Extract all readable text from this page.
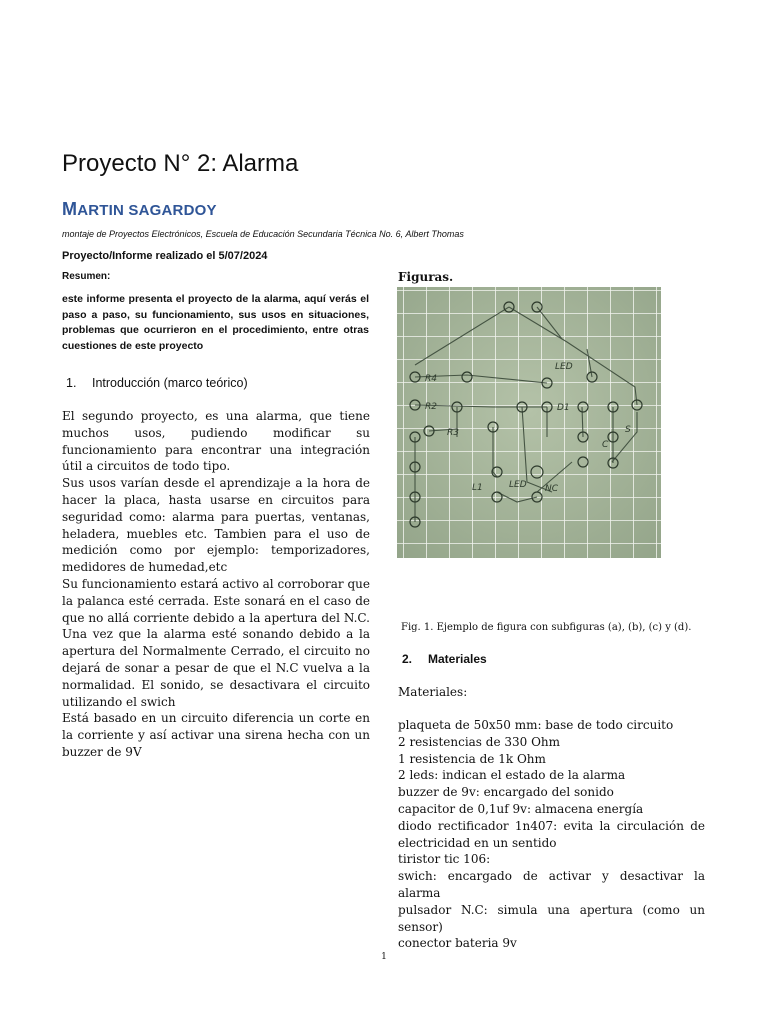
Proyecto N° 2: Alarma
MARTIN SAGARDOY
montaje de Proyectos Electrónicos, Escuela de Educación Secundaria Técnica No. 6, Albert Thomas
Proyecto/Informe realizado el 5/07/2024
Resumen:
este informe presenta el proyecto de la alarma, aquí verás el paso a paso, su funcionamiento, sus usos en situaciones, problemas que ocurrieron en el procedimiento, entre otras cuestiones de este proyecto
1. Introducción (marco teórico)

El segundo proyecto, es una alarma, que tiene muchos usos, pudiendo modificar su funcionamiento para encontrar una integración útil a circuitos de todo tipo.

Sus usos varían desde el aprendizaje a la hora de hacer la placa, hasta usarse en circuitos para seguridad como: alarma para puertas, ventanas, heladera, muebles etc. Tambien para el uso de medición como por ejemplo: temporizadores, medidores de humedad,etc

Su funcionamiento estará activo al corroborar que la palanca esté cerrada. Este sonará en el caso de que no allá corriente debido a la apertura del N.C. Una vez que la alarma esté sonando debido a la apertura del Normalmente Cerrado, el circuito no dejará de sonar a pesar de que el N.C vuelva a la normalidad. El sonido, se desactivara el circuito utilizando el swich

Está basado en un circuito diferencia un corte en la corriente y así activar una sirena hecha con un buzzer de 9V

Figuras.
R4
R2
R3
LED
D1
C
L1	LED NC
S
Fig. 1. Ejemplo de figura con subfiguras (a), (b), (c) y (d).
2. Materiales
Materiales:
plaqueta de 50x50 mm: base de todo circuito
2 resistencias de 330 Ohm
1 resistencia de 1k Ohm
2 leds: indican el estado de la alarma
buzzer de 9v: encargado del sonido
capacitor de 0,1uf 9v: almacena energía
diodo rectificador 1n407: evita la circulación de electricidad en un sentido
tiristor tic 106:
swich: encargado de activar y desactivar la alarma
pulsador N.C: simula una apertura (como un sensor)
conector bateria 9v
1
